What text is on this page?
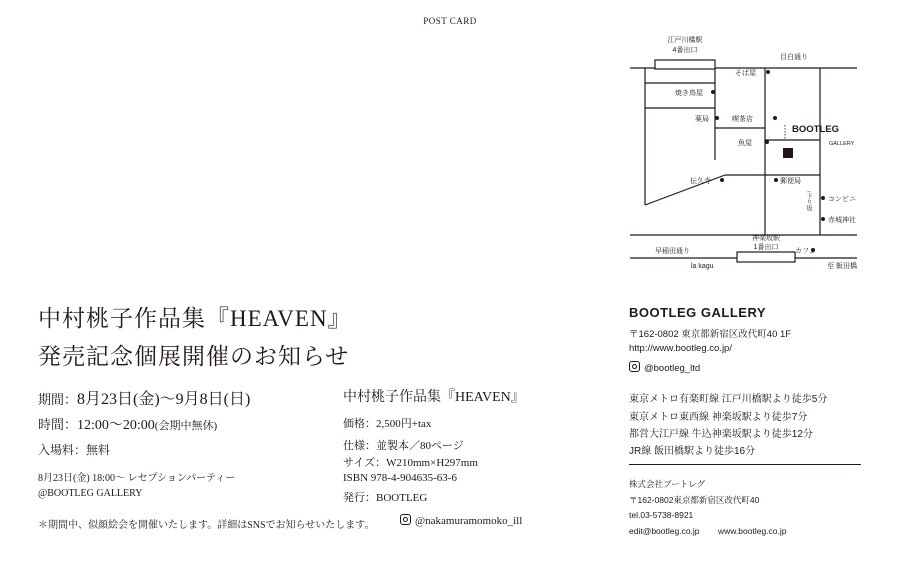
POST CARD
江戸川橋駅
4番出口
目白通り
そば屋
焼き鳥屋
薬局	喫茶店
魚屋
BOOTLEG
GALLERY
伝久寺	郵便局
コンビニ
赤城神社
↑下り坂
神楽坂駅
1番出口
早稲田通り	カフェ
la kagu	至 飯田橋
中村桃子作品集『HEAVEN』
発売記念個展開催のお知らせ
期間：8月23日(金)～9月8日(日)
時間：12:00～20:00(会期中無休)
入場料：無料
8月23日(金) 18:00～ レセプションパーティー
@BOOTLEG GALLERY
＊期間中、似顔絵会を開催いたします。詳細はSNSでお知らせいたします。	@nakamuramomoko_ill
中村桃子作品集『HEAVEN』
価格：2,500円+tax
仕様：並製本／80ページ
サイズ：W210mm×H297mm
ISBN 978-4-904635-63-6
発行：BOOTLEG
BOOTLEG GALLERY
〒162-0802 東京都新宿区改代町40 1F
http://www.bootleg.co.jp/
@bootleg_ltd
東京メトロ有楽町線 江戸川橋駅より徒歩5分
東京メトロ東西線 神楽坂駅より徒歩7分
都営大江戸線 牛込神楽坂駅より徒歩12分
JR線 飯田橋駅より徒歩16分
株式会社ブートレグ
〒162-0802東京都新宿区改代町40
tel.03-5738-8921
edit@bootleg.co.jp www.bootleg.co.jp
